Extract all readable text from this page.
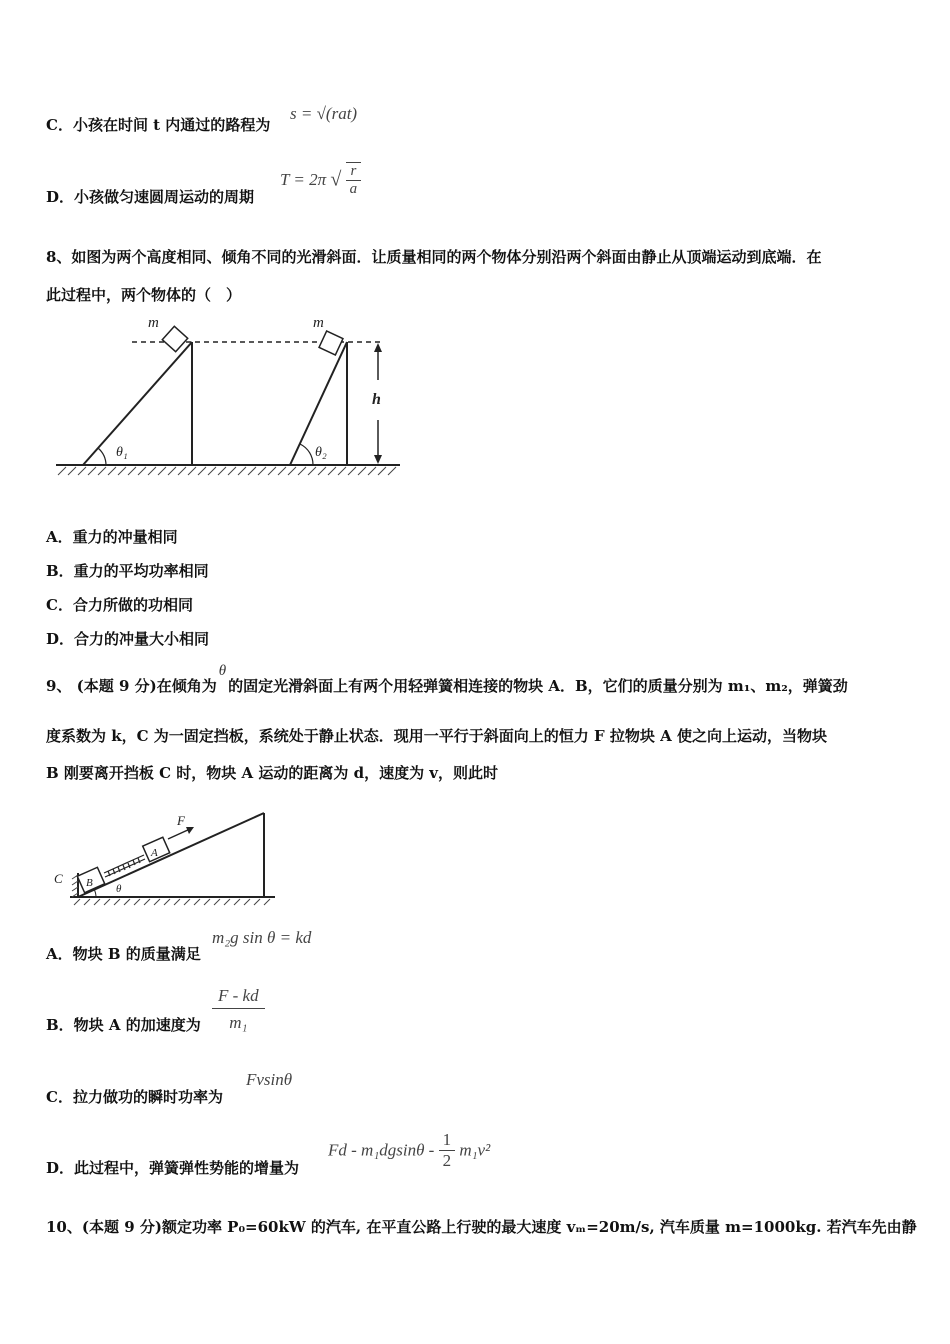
C．小孩在时间 t 内通过的路程为
s = √(rat)
D．小孩做匀速圆周运动的周期
T = 2π √ $\frac{r}{a}$
8、如图为两个高度相同、倾角不同的光滑斜面．让质量相同的两个物体分别沿两个斜面由静止从顶端运动到底端．在
此过程中，两个物体的（　）
m	m
θ₁	θ₂
h
A．重力的冲量相同
B．重力的平均功率相同
C．合力所做的功相同
D．合力的冲量大小相同
9、 (本题 9 分)在倾角为θ的固定光滑斜面上有两个用轻弹簧相连接的物块 A．B，它们的质量分别为 m₁、m₂，弹簧劲
度系数为 k，C 为一固定挡板，系统处于静止状态．现用一平行于斜面向上的恒力 F 拉物块 A 使之向上运动，当物块
B 刚要离开挡板 C 时，物块 A 运动的距离为 d，速度为 v，则此时
C B
A
F
θ
A．物块 B 的质量满足
m₂g sin θ = kd
B．物块 A 的加速度为 $\frac{F - kd}{\text{m₁}}$
C．拉力做功的瞬时功率为
Fvsinθ
D．此过程中，弹簧弹性势能的增量为
Fd - $m_1dgsin\theta - \frac{1}{2} m_1v^2$
10、(本题 9 分)额定功率 P₀=60kW 的汽车, 在平直公路上行驶的最大速度 vₘ=20m/s, 汽车质量 m=1000kg. 若汽车先由静
